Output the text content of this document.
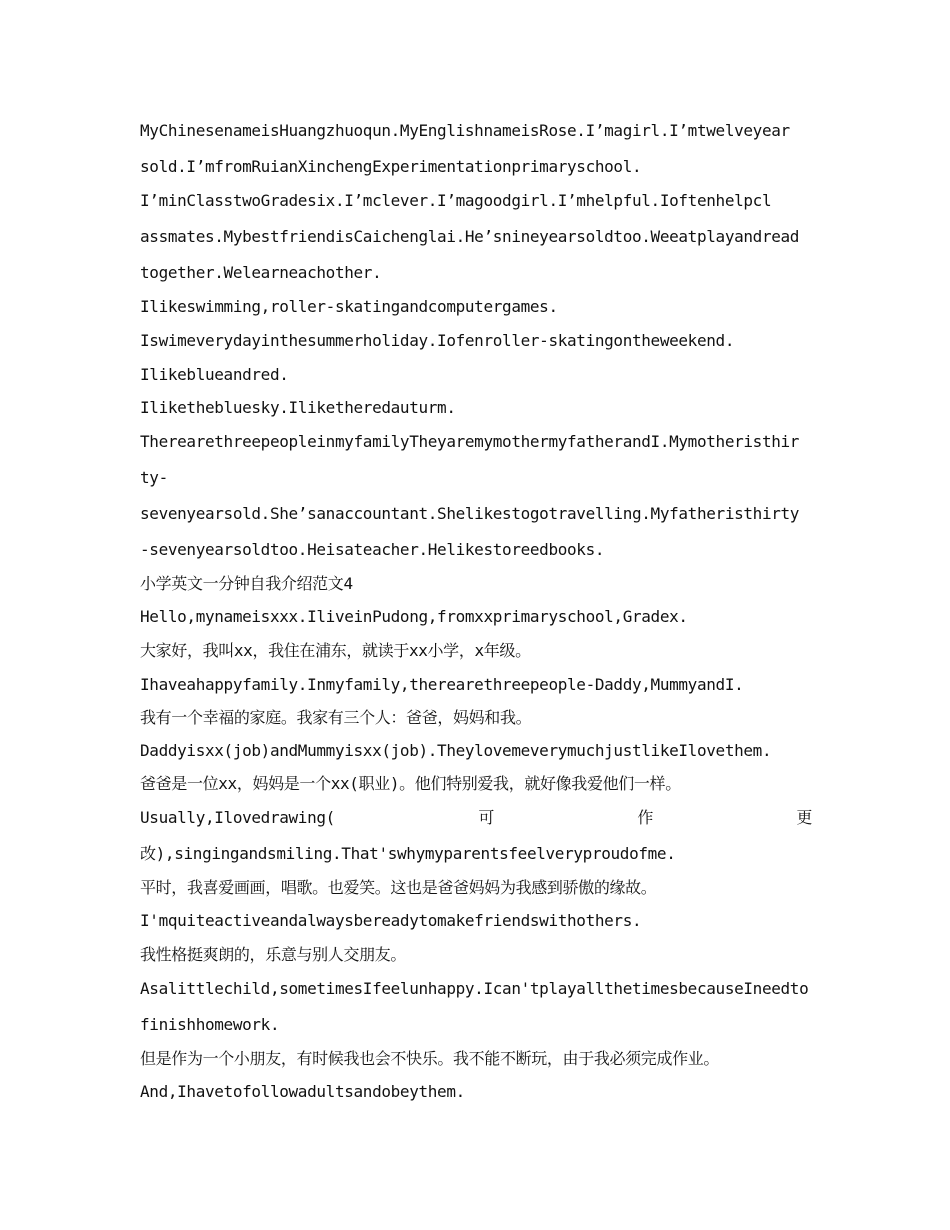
MyChinesenameisHuangzhuoqun.MyEnglishnameisRose.I’magirl.I’mtwelveyear
sold.I’mfromRuianXinchengExperimentationprimaryschool.
I’minClasstwoGradesix.I’mclever.I’magoodgirl.I’mhelpful.Ioftenhelpcl
assmates.MybestfriendisCaichenglai.He’snineyearsoldtoo.Weeatplayandread
together.Welearneachother.
Ilikeswimming,roller-skatingandcomputergames.
Iswimeverydayinthesummerholiday.Iofenroller-skatingontheweekend.
Ilikeblueandred.
Ilikethebluesky.Iliketheredauturm.
TherearethreepeopleinmyfamilyTheyaremymothermyfatherandI.Mymotheristhir
ty-
sevenyearsold.She’sanaccountant.Shelikestogotravelling.Myfatheristhirty
-sevenyearsoldtoo.Heisateacher.Helikestoreedbooks.
小学英文一分钟自我介绍范文4
Hello,mynameisxxx.IliveinPudong,fromxxprimaryschool,Gradex.
大家好，我叫xx，我住在浦东，就读于xx小学，x年级。
Ihaveahappyfamily.Inmyfamily,therearethreepeople-Daddy,MummyandI.
我有一个幸福的家庭。我家有三个人：爸爸，妈妈和我。
Daddyisxx(job)andMummyisxx(job).TheylovemeverymuchjustlikeIlovethem.
爸爸是一位xx，妈妈是一个xx(职业)。他们特别爱我，就好像我爱他们一样。
Usually,Ilovedrawing(	可	作	更
改),singingandsmiling.That'swhymyparentsfeelveryproudofme.
平时，我喜爱画画，唱歌。也爱笑。这也是爸爸妈妈为我感到骄傲的缘故。
I'mquiteactiveandalwaysbereadytomakefriendswithothers.
我性格挺爽朗的，乐意与别人交朋友。
Asalittlechild,sometimesIfeelunhappy.Ican'tplayallthetimesbecauseIneedto
finishhomework.
但是作为一个小朋友，有时候我也会不快乐。我不能不断玩，由于我必须完成作业。
And,Ihavetofollowadultsandobeythem.
